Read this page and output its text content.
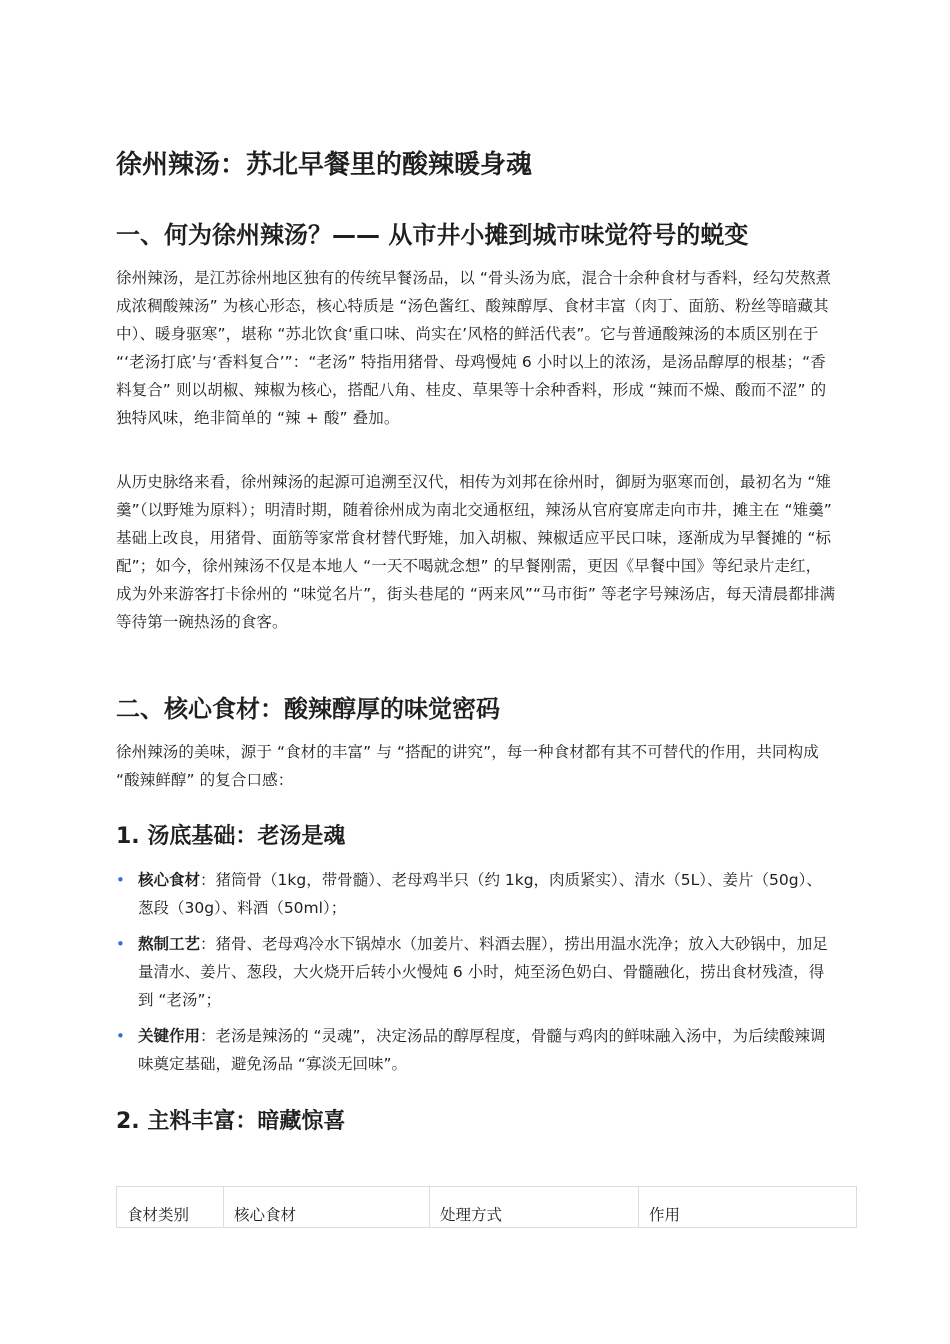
徐州辣汤：苏北早餐里的酸辣暖身魂
一、何为徐州辣汤？—— 从市井小摊到城市味觉符号的蜕变

徐州辣汤，是江苏徐州地区独有的传统早餐汤品，以 “骨头汤为底，混合十余种食材与香料，经勾芡熬煮成浓稠酸辣汤” 为核心形态，核心特质是 “汤色酱红、酸辣醇厚、食材丰富（肉丁、面筋、粉丝等暗藏其中）、暖身驱寒”，堪称 “苏北饮食‘重口味、尚实在’风格的鲜活代表”。它与普通酸辣汤的本质区别在于 “‘老汤打底’与‘香料复合’”：“老汤” 特指用猪骨、母鸡慢炖 6 小时以上的浓汤，是汤品醇厚的根基；“香料复合” 则以胡椒、辣椒为核心，搭配八角、桂皮、草果等十余种香料，形成 “辣而不燥、酸而不涩” 的独特风味，绝非简单的 “辣 + 酸” 叠加。

从历史脉络来看，徐州辣汤的起源可追溯至汉代，相传为刘邦在徐州时，御厨为驱寒而创，最初名为 “雉羹”（以野雉为原料）；明清时期，随着徐州成为南北交通枢纽，辣汤从官府宴席走向市井，摊主在 “雉羹” 基础上改良，用猪骨、面筋等家常食材替代野雉，加入胡椒、辣椒适应平民口味，逐渐成为早餐摊的 “标配”；如今，徐州辣汤不仅是本地人 “一天不喝就念想” 的早餐刚需，更因《早餐中国》等纪录片走红，成为外来游客打卡徐州的 “味觉名片”，街头巷尾的 “两来风”“马市街” 等老字号辣汤店，每天清晨都排满等待第一碗热汤的食客。

二、核心食材：酸辣醇厚的味觉密码

徐州辣汤的美味，源于 “食材的丰富” 与 “搭配的讲究”，每一种食材都有其不可替代的作用，共同构成 “酸辣鲜醇” 的复合口感：

1. 汤底基础：老汤是魂
• 核心食材：猪筒骨（1kg，带骨髓）、老母鸡半只（约 1kg，肉质紧实）、清水（5L）、姜片（50g）、葱段（30g）、料酒（50ml）；
• 熬制工艺：猪骨、老母鸡冷水下锅焯水（加姜片、料酒去腥），捞出用温水洗净；放入大砂锅中，加足量清水、姜片、葱段，大火烧开后转小火慢炖 6 小时，炖至汤色奶白、骨髓融化，捞出食材残渣，得到 “老汤”；
• 关键作用：老汤是辣汤的 “灵魂”，决定汤品的醇厚程度，骨髓与鸡肉的鲜味融入汤中，为后续酸辣调味奠定基础，避免汤品 “寡淡无回味”。
2. 主料丰富：暗藏惊喜
食材类别	核心食材	处理方式	作用
